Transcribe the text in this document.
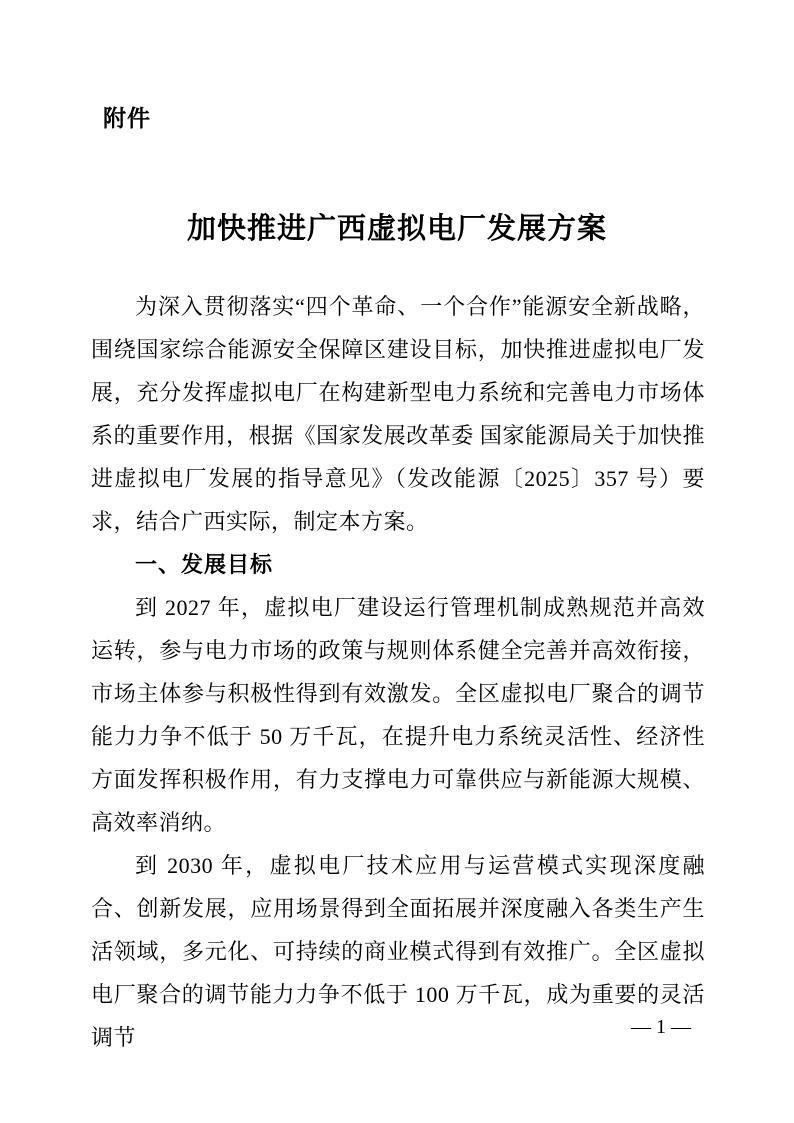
附件
加快推进广西虚拟电厂发展方案

为深入贯彻落实“四个革命、一个合作”能源安全新战略，围绕国家综合能源安全保障区建设目标，加快推进虚拟电厂发展，充分发挥虚拟电厂在构建新型电力系统和完善电力市场体系的重要作用，根据《国家发展改革委 国家能源局关于加快推进虚拟电厂发展的指导意见》（发改能源〔2025〕357 号）要求，结合广西实际，制定本方案。

一、发展目标

到 2027 年，虚拟电厂建设运行管理机制成熟规范并高效运转，参与电力市场的政策与规则体系健全完善并高效衔接，市场主体参与积极性得到有效激发。全区虚拟电厂聚合的调节能力力争不低于 50 万千瓦，在提升电力系统灵活性、经济性方面发挥积极作用，有力支撑电力可靠供应与新能源大规模、高效率消纳。

到 2030 年，虚拟电厂技术应用与运营模式实现深度融合、创新发展，应用场景得到全面拓展并深度融入各类生产生活领域，多元化、可持续的商业模式得到有效推广。全区虚拟电厂聚合的调节能力力争不低于 100 万千瓦，成为重要的灵活调节	— 1 —
